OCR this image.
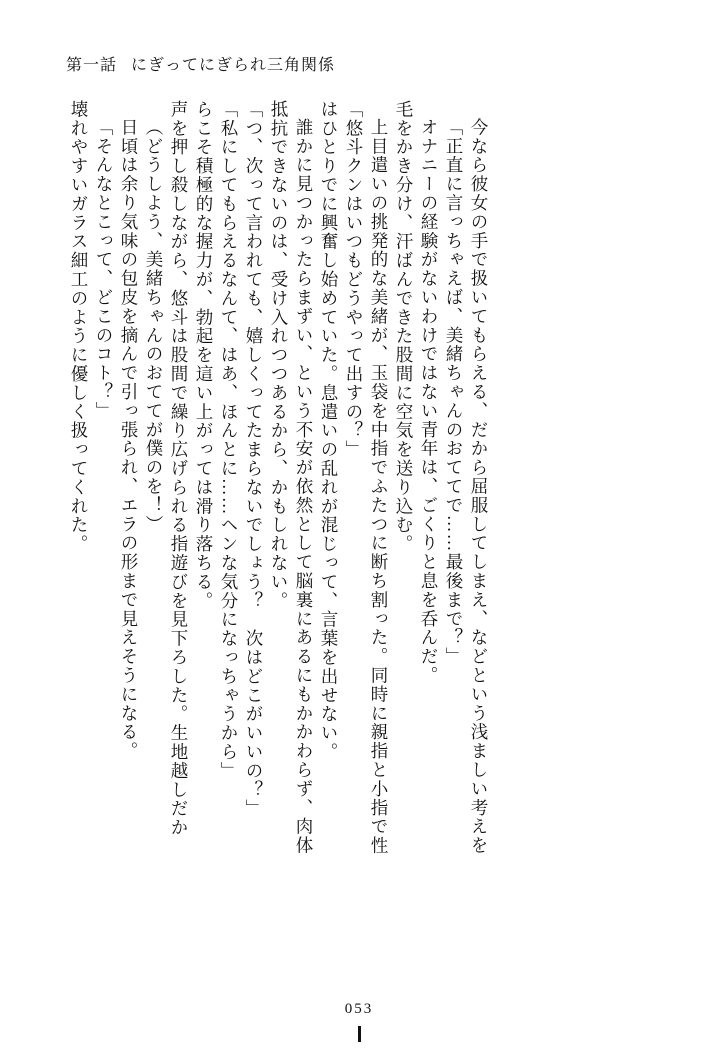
第一話 にぎってにぎられ三角関係
壊れやすいガラス細工のように優しく扱ってくれた。 「そんなとこって、どこのコト？」 日頃は余り気味の包皮を摘んで引っ張られ、エラの形まで見えそうになる。 （どうしよう、美緒ちゃんのおててが僕のを！） 声を押し殺しながら、悠斗は股間で繰り広げられる指遊びを見下ろした。生地越しだか らこそ積極的な握力が、勃起を這い上がっては滑り落ちる。 「私にしてもらえるなんて、はあ、ほんとに……ヘンな気分になっちゃうから」 「つ、次って言われても、嬉しくってたまらないでしょう？　次はどこがいいの？」 抵抗できないのは、受け入れつつあるから、かもしれない。 誰かに見つかったらまずい、という不安が依然として脳裏にあるにもかかわらず、肉体 はひとりでに興奮し始めていた。息遣いの乱れが混じって、言葉を出せない。 「悠斗クンはいつもどうやって出すの？」 上目遣いの挑発的な美緒が、玉袋を中指でふたつに断ち割った。同時に親指と小指で性 毛をかき分け、汗ばんできた股間に空気を送り込む。 オナニーの経験がないわけではない青年は、ごくりと息を呑んだ。 「正直に言っちゃえば、美緒ちゃんのおててで……最後まで？」 今なら彼女の手で扱いてもらえる、だから屈服してしまえ、などという浅ましい考えを
053
